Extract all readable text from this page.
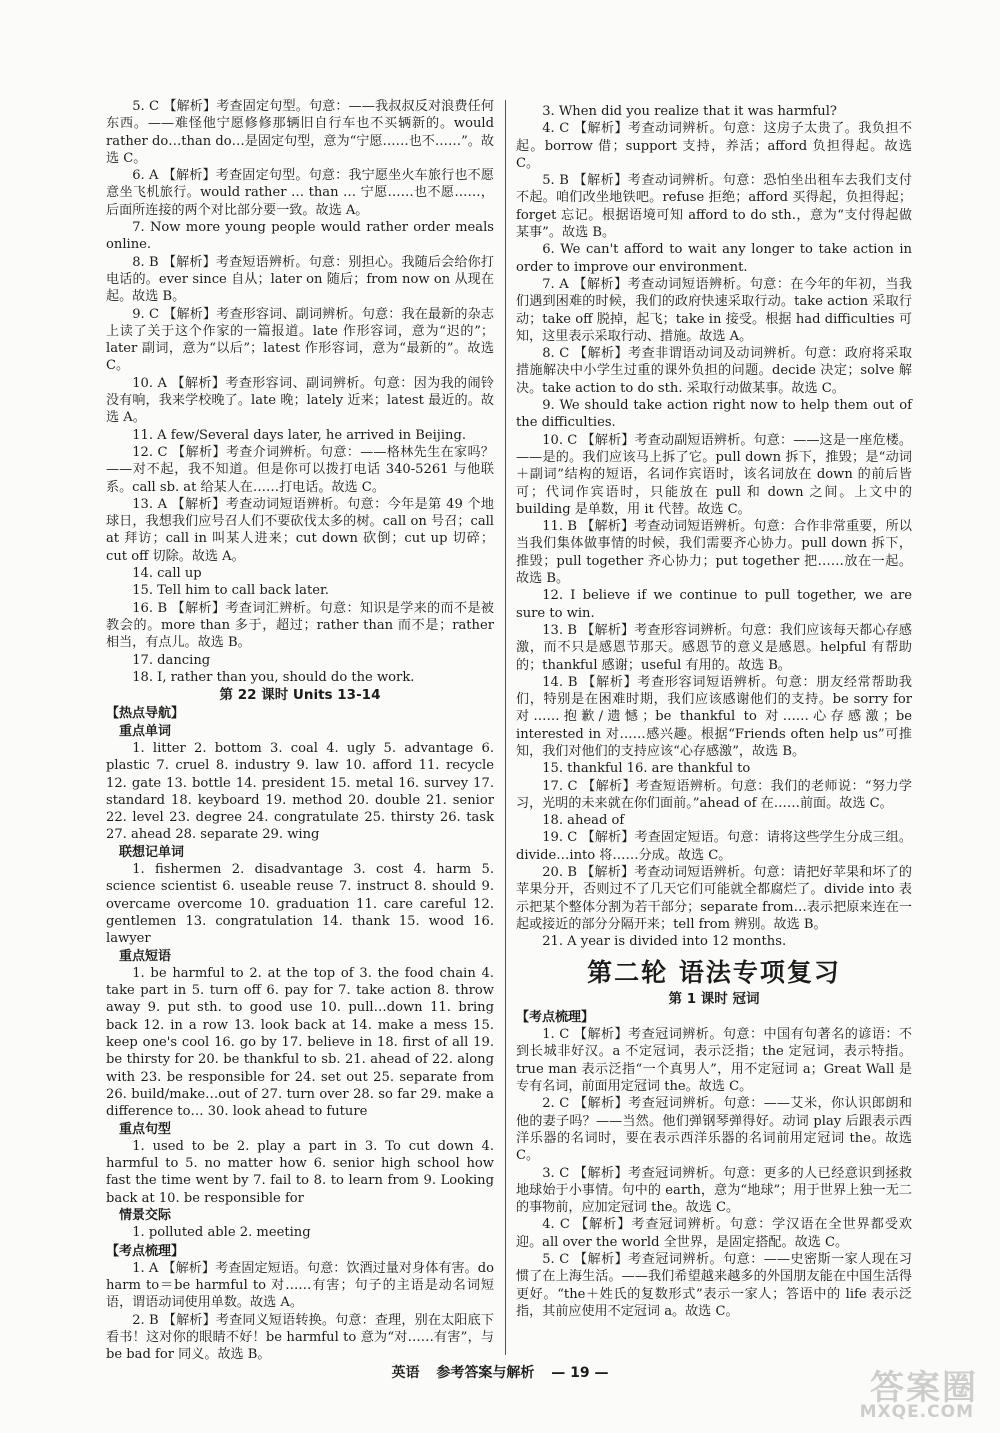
5. C 【解析】考查固定句型。句意：——我叔叔反对浪费任何东西。——难怪他宁愿修修那辆旧自行车也不买辆新的。would rather do…than do…是固定句型，意为“宁愿……也不……”。故选 C。
6. A 【解析】考查固定句型。句意：我宁愿坐火车旅行也不愿意坐飞机旅行。would rather … than … 宁愿……也不愿……，后面所连接的两个对比部分要一致。故选 A。
7. Now more young people would rather order meals online.
8. B 【解析】考查短语辨析。句意：别担心。我随后会给你打电话的。ever since 自从；later on 随后；from now on 从现在起。故选 B。
9. C 【解析】考查形容词、副词辨析。句意：我在最新的杂志上读了关于这个作家的一篇报道。late 作形容词，意为“迟的”；later 副词，意为“以后”；latest 作形容词，意为“最新的”。故选 C。
10. A 【解析】考查形容词、副词辨析。句意：因为我的闹铃没有响，我来学校晚了。late 晚；lately 近来；latest 最近的。故选 A。
11. A few/Several days later, he arrived in Beijing.
12. C 【解析】考查介词辨析。句意：——格林先生在家吗？——对不起，我不知道。但是你可以拨打电话 340-5261 与他联系。call sb. at 给某人在……打电话。故选 C。
13. A 【解析】考查动词短语辨析。句意：今年是第 49 个地球日，我想我们应号召人们不要砍伐太多的树。call on 号召；call at 拜访；call in 叫某人进来；cut down 砍倒；cut up 切碎；cut off 切除。故选 A。
14. call up
15. Tell him to call back later.
16. B 【解析】考查词汇辨析。句意：知识是学来的而不是被教会的。more than 多于，超过；rather than 而不是；rather 相当，有点儿。故选 B。
17. dancing
18. I, rather than you, should do the work.
第 22 课时 Units 13-14
【热点导航】
重点单词
1. litter 2. bottom 3. coal 4. ugly 5. advantage 6. plastic 7. cruel 8. industry 9. law 10. afford 11. recycle 12. gate 13. bottle 14. president 15. metal 16. survey 17. standard 18. keyboard 19. method 20. double 21. senior 22. level 23. degree 24. congratulate 25. thirsty 26. task 27. ahead 28. separate 29. wing
联想记单词
1. fishermen 2. disadvantage 3. cost 4. harm 5. science scientist 6. useable reuse 7. instruct 8. should 9. overcame overcome 10. graduation 11. care careful 12. gentlemen 13. congratulation 14. thank 15. wood 16. lawyer
重点短语
1. be harmful to 2. at the top of 3. the food chain 4. take part in 5. turn off 6. pay for 7. take action 8. throw away 9. put sth. to good use 10. pull…down 11. bring back 12. in a row 13. look back at 14. make a mess 15. keep one's cool 16. go by 17. believe in 18. first of all 19. be thirsty for 20. be thankful to sb. 21. ahead of 22. along with 23. be responsible for 24. set out 25. separate from 26. build/make…out of 27. turn over 28. so far 29. make a difference to… 30. look ahead to future
重点句型
1. used to be 2. play a part in 3. To cut down 4. harmful to 5. no matter how 6. senior high school how fast the time went by 7. fail to 8. to learn from 9. Looking back at 10. be responsible for
情景交际
1. polluted able 2. meeting
【考点梳理】
1. A 【解析】考查固定短语。句意：饮酒过量对身体有害。do harm to＝be harmful to 对……有害；句子的主语是动名词短语，谓语动词使用单数。故选 A。
2. B 【解析】考查同义短语转换。句意：查理，别在太阳底下看书！这对你的眼睛不好！be harmful to 意为“对……有害”，与 be bad for 同义。故选 B。
3. When did you realize that it was harmful?
4. C 【解析】考查动词辨析。句意：这房子太贵了。我负担不起。borrow 借；support 支持，养活；afford 负担得起。故选 C。
5. B 【解析】考查动词辨析。句意：恐怕坐出租车去我们支付不起。咱们改坐地铁吧。refuse 拒绝；afford 买得起，负担得起；forget 忘记。根据语境可知 afford to do sth.，意为“支付得起做某事”。故选 B。
6. We can't afford to wait any longer to take action in order to improve our environment.
7. A 【解析】考查动词短语辨析。句意：在今年的年初，当我们遇到困难的时候，我们的政府快速采取行动。take action 采取行动；take off 脱掉，起飞；take in 接受。根据 had difficulties 可知，这里表示采取行动、措施。故选 A。
8. C 【解析】考查非谓语动词及动词辨析。句意：政府将采取措施解决中小学生过重的课外负担的问题。decide 决定；solve 解决。take action to do sth. 采取行动做某事。故选 C。
9. We should take action right now to help them out of the difficulties.
10. C 【解析】考查动副短语辨析。句意：——这是一座危楼。——是的。我们应该马上拆了它。pull down 拆下，推毁；是“动词＋副词”结构的短语，名词作宾语时，该名词放在 down 的前后皆可；代词作宾语时，只能放在 pull 和 down 之间。上文中的 building 是单数，用 it 代替。故选 C。
11. B 【解析】考查动词短语辨析。句意：合作非常重要，所以当我们集体做事情的时候，我们需要齐心协力。pull down 拆下，推毁；pull together 齐心协力；put together 把……放在一起。故选 B。
12. I believe if we continue to pull together, we are sure to win.
13. B 【解析】考查形容词辨析。句意：我们应该每天都心存感激，而不只是感恩节那天。感恩节的意义是感恩。helpful 有帮助的；thankful 感谢；useful 有用的。故选 B。
14. B 【解析】考查形容词短语辨析。句意：朋友经常帮助我们，特别是在困难时期，我们应该感谢他们的支持。be sorry for 对……抱歉/遗憾；be thankful to 对……心存感激；be interested in 对……感兴趣。根据“Friends often help us”可推知，我们对他们的支持应该“心存感激”，故选 B。
15. thankful 16. are thankful to
17. C 【解析】考查短语辨析。句意：我们的老师说：“努力学习，光明的未来就在你们面前。”ahead of 在……前面。故选 C。
18. ahead of
19. C 【解析】考查固定短语。句意：请将这些学生分成三组。divide…into 将……分成。故选 C。
20. B 【解析】考查动词短语辨析。句意：请把好苹果和坏了的苹果分开，否则过不了几天它们可能就全都腐烂了。divide into 表示把某个整体分割为若干部分；separate from…表示把原来连在一起或接近的部分分隔开来；tell from 辨别。故选 B。
21. A year is divided into 12 months.
第二轮 语法专项复习
第 1 课时 冠词
【考点梳理】
1. C 【解析】考查冠词辨析。句意：中国有句著名的谚语：不到长城非好汉。a 不定冠词，表示泛指；the 定冠词，表示特指。true man 表示泛指“一个真男人”，用不定冠词 a；Great Wall 是专有名词，前面用定冠词 the。故选 C。
2. C 【解析】考查冠词辨析。句意：——艾米，你认识郎朗和他的妻子吗？——当然。他们弹钢琴弹得好。动词 play 后跟表示西洋乐器的名词时，要在表示西洋乐器的名词前用定冠词 the。故选 C。
3. C 【解析】考查冠词辨析。句意：更多的人已经意识到拯救地球始于小事情。句中的 earth，意为“地球”；用于世界上独一无二的事物前，应加定冠词 the。故选 C。
4. C 【解析】考查冠词辨析。句意：学汉语在全世界都受欢迎。all over the world 全世界，是固定搭配。故选 C。
5. C 【解析】考查冠词辨析。句意：——史密斯一家人现在习惯了在上海生活。——我们希望越来越多的外国朋友能在中国生活得更好。“the＋姓氏的复数形式”表示一家人；答语中的 life 表示泛指，其前应使用不定冠词 a。故选 C。
英语 参考答案与解析 — 19 —	答案圈
MXQE.COM
